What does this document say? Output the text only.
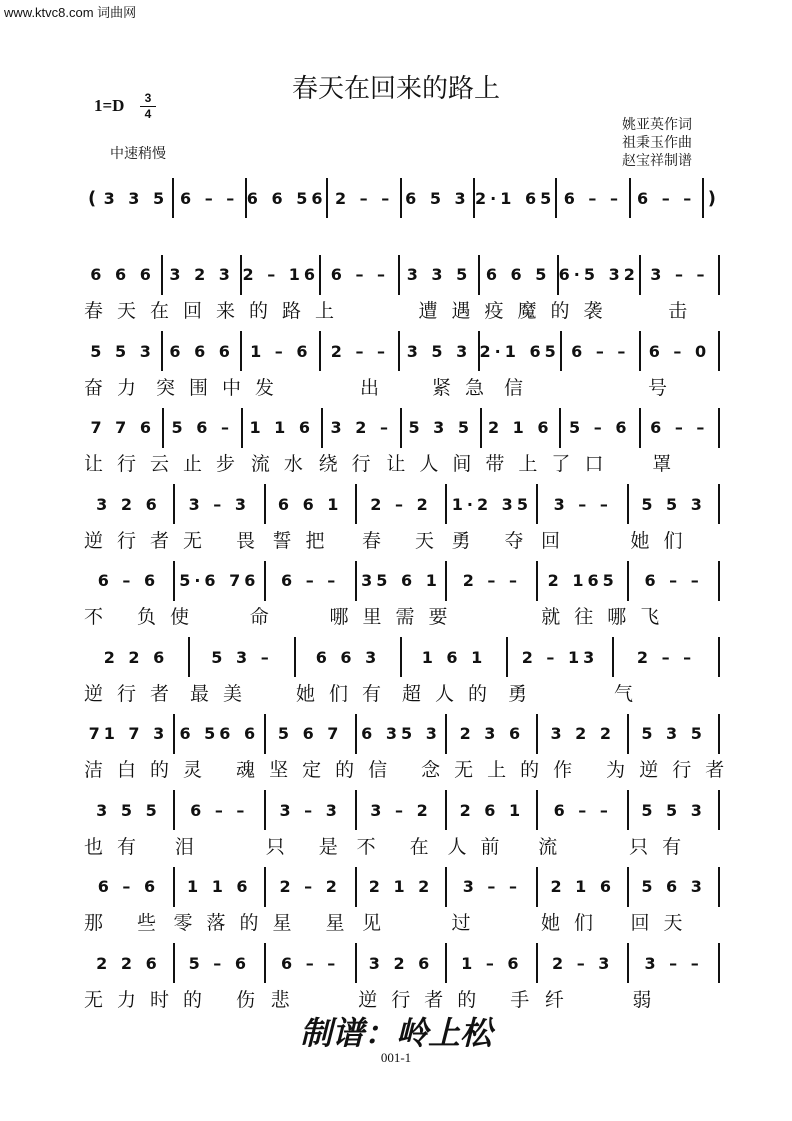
www.ktvc8.com 词曲网
春天在回来的路上
1=D	3
4
中速稍慢
姚亚英作词
祖秉玉作曲
赵宝祥制谱
( 3 3 5 6 – – 6 6 56 2 – – 6 5 3 2·1 65 6 – – 6 – – )
6 6 6 3 2 3 2 – 16 6 – –	3 3 5 6 6 5 6·5 32 3 – –
春天在 回来的路 上	遭遇 疫魔的袭	击
5 5 3 6 6 6	1 – 6	2 – –	3 5 3 2·1 65 6 – –	6 – 0
奋力 突围中发	出	紧急 信	号
7 7 6	5 6 –	1 1 6	3 2 –	5 3 5 2 1 6	5 – 6	6 – –
让行云 止步 流水 绕行 让人间 带上了 口	罩
3 2 6	3 – 3	6 6 1	2 – 2	1·2 35	3 – –	5 5 3
逆行者 无 畏 誓把	春 天 勇 夺 回	她们
6 – 6	5·6 76	6 – –	35 6 1	2 – –	2 165	6 – –
不 负 使	命	哪里需要	就往哪 飞
2 2 6	5 3 –	6 6 3	1 6 1	2 – 13	2 – –
逆行者 最美	她们有 超人的 勇	气
71 7 3 6 56 6	5 6 7	6 35 3	2 3 6	3 2 2	5 3 5
洁白的 灵 魂 坚定的 信 念 无上的 作 为 逆行者
3 5 5	6 – –	3 – 3	3 – 2	2 6 1	6 – –	5 5 3
也有	泪	只 是 不 在 人前	流	只有
6 – 6	1 1 6	2 – 2	2 1 2	3 – –	2 1 6	5 6 3
那 些 零落的 星 星 见	过	她们	回天
2 2 6	5 – 6	6 – –	3 2 6	1 – 6	2 – 3	3 – –
无力时 的 伤 悲	逆行者 的 手 纤	弱
制谱：岭上松
001-1
